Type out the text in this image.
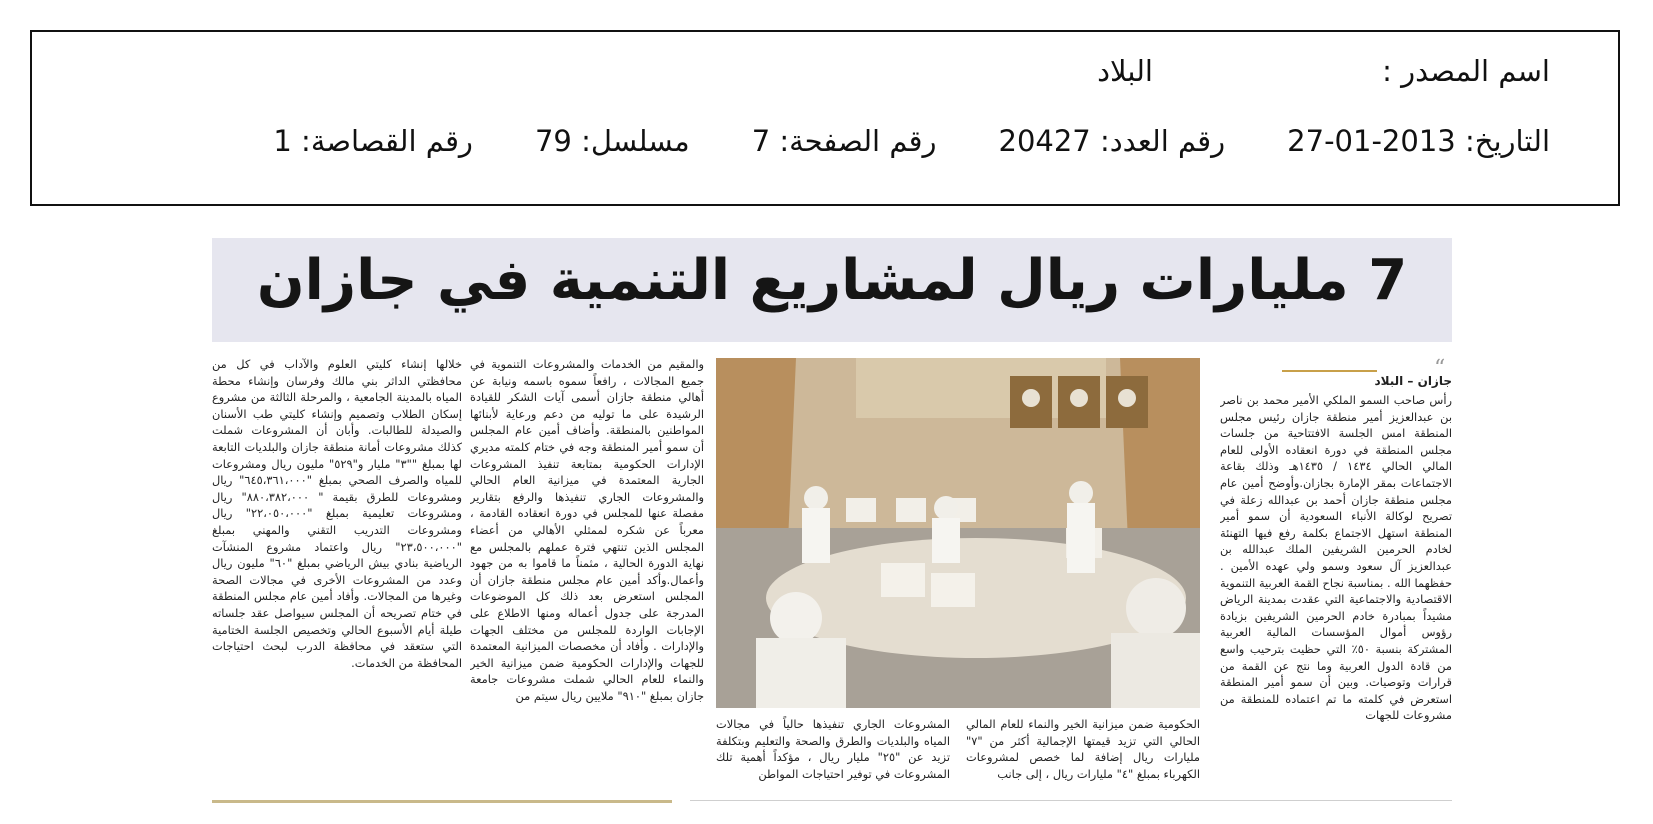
اسم المصدر :
البلاد
التاريخ: 2013-01-27
رقم العدد: 20427
رقم الصفحة: 7
مسلسل: 79
رقم القصاصة: 1
7 مليارات ريال لمشاريع التنمية في جازان
“
جازان – البلاد

رأس صاحب السمو الملكي الأمير محمد بن ناصر بن عبدالعزيز أمير منطقة جازان رئيس مجلس المنطقة امس الجلسة الافتتاحية من جلسات مجلس المنطقة في دورة انعقاده الأولى للعام المالي الحالي ١٤٣٤ / ١٤٣٥هـ وذلك بقاعة الاجتماعات بمقر الإمارة بجازان.وأوضح أمين عام مجلس منطقة جازان أحمد بن عبدالله زعلة في تصريح لوكالة الأنباء السعودية أن سمو أمير المنطقة استهل الاجتماع بكلمة رفع فيها التهنئة لخادم الحرمين الشريفين الملك عبدالله بن عبدالعزيز آل سعود وسمو ولي عهده الأمين . حفظهما الله . بمناسبة نجاح القمة العربية التنموية الاقتصادية والاجتماعية التي عقدت بمدينة الرياض مشيداً بمبادرة خادم الحرمين الشريفين بزيادة رؤوس أموال المؤسسات المالية العربية المشتركة بنسبة ٥٠٪ التي حظيت بترحيب واسع من قادة الدول العربية وما نتج عن القمة من قرارات وتوصيات. وبين أن سمو أمير المنطقة استعرض في كلمته ما تم اعتماده للمنطقة من مشروعات للجهات

الحكومية ضمن ميزانية الخير والنماء للعام المالي الحالي التي تزيد قيمتها الإجمالية أكثر من "٧" مليارات ريال إضافة لما خصص لمشروعات الكهرباء بمبلغ "٤" مليارات ريال ، إلى جانب
المشروعات الجاري تنفيذها حالياً في مجالات المياه والبلديات والطرق والصحة والتعليم وبتكلفة تزيد عن "٢٥" مليار ريال ، مؤكداً أهمية تلك المشروعات في توفير احتياجات المواطن

والمقيم من الخدمات والمشروعات التنموية في جميع المجالات ، رافعاً سموه باسمه ونيابة عن أهالي منطقة جازان أسمى آيات الشكر للقيادة الرشيدة على ما توليه من دعم ورعاية لأبنائها المواطنين بالمنطقة. وأضاف أمين عام المجلس أن سمو أمير المنطقة وجه في ختام كلمته مديري الإدارات الحكومية بمتابعة تنفيذ المشروعات الجارية المعتمدة في ميزانية العام الحالي والمشروعات الجاري تنفيذها والرفع بتقارير مفصلة عنها للمجلس في دورة انعقاده القادمة ، معرباً عن شكره لممثلي الأهالي من أعضاء المجلس الذين تنتهي فترة عملهم بالمجلس مع نهاية الدورة الحالية ، مثمناً ما قاموا به من جهود وأعمال.وأكد أمين عام مجلس منطقة جازان أن المجلس استعرض بعد ذلك كل الموضوعات المدرجة على جدول أعماله ومنها الاطلاع على الإجابات الواردة للمجلس من مختلف الجهات والإدارات . وأفاد أن مخصصات الميزانية المعتمدة للجهات والإدارات الحكومية ضمن ميزانية الخير والنماء للعام الحالي شملت مشروعات جامعة جازان بمبلغ "٩١٠" ملايين ريال سيتم من

خلالها إنشاء كليتي العلوم والآداب في كل من محافظتي الداثر بني مالك وفرسان وإنشاء محطة المياه بالمدينة الجامعية ، والمرحلة الثالثة من مشروع إسكان الطلاب وتصميم وإنشاء كليتي طب الأسنان والصيدلة للطالبات. وأبان أن المشروعات شملت كذلك مشروعات أمانة منطقة جازان والبلديات التابعة لها بمبلغ ""٣" مليار و"٥٢٩" مليون ريال ومشروعات للمياه والصرف الصحي بمبلغ "٦٤٥،٣٦١،٠٠٠" ريال ومشروعات للطرق بقيمة " ٨٨٠،٣٨٢،٠٠٠" ريال ومشروعات تعليمية بمبلغ "٢٢،٠٥٠،٠٠٠" ريال ومشروعات التدريب التقني والمهني بمبلغ "٢٣،٥٠٠،٠٠٠" ريال واعتماد مشروع المنشآت الرياضية بنادي بيش الرياضي بمبلغ "٦٠" مليون ريال وعدد من المشروعات الأخرى في مجالات الصحة وغيرها من المجالات. وأفاد أمين عام مجلس المنطقة في ختام تصريحه أن المجلس سيواصل عقد جلساته طيلة أيام الأسبوع الحالي وتخصيص الجلسة الختامية التي ستعقد في محافظة الدرب لبحث احتياجات المحافظة من الخدمات.
